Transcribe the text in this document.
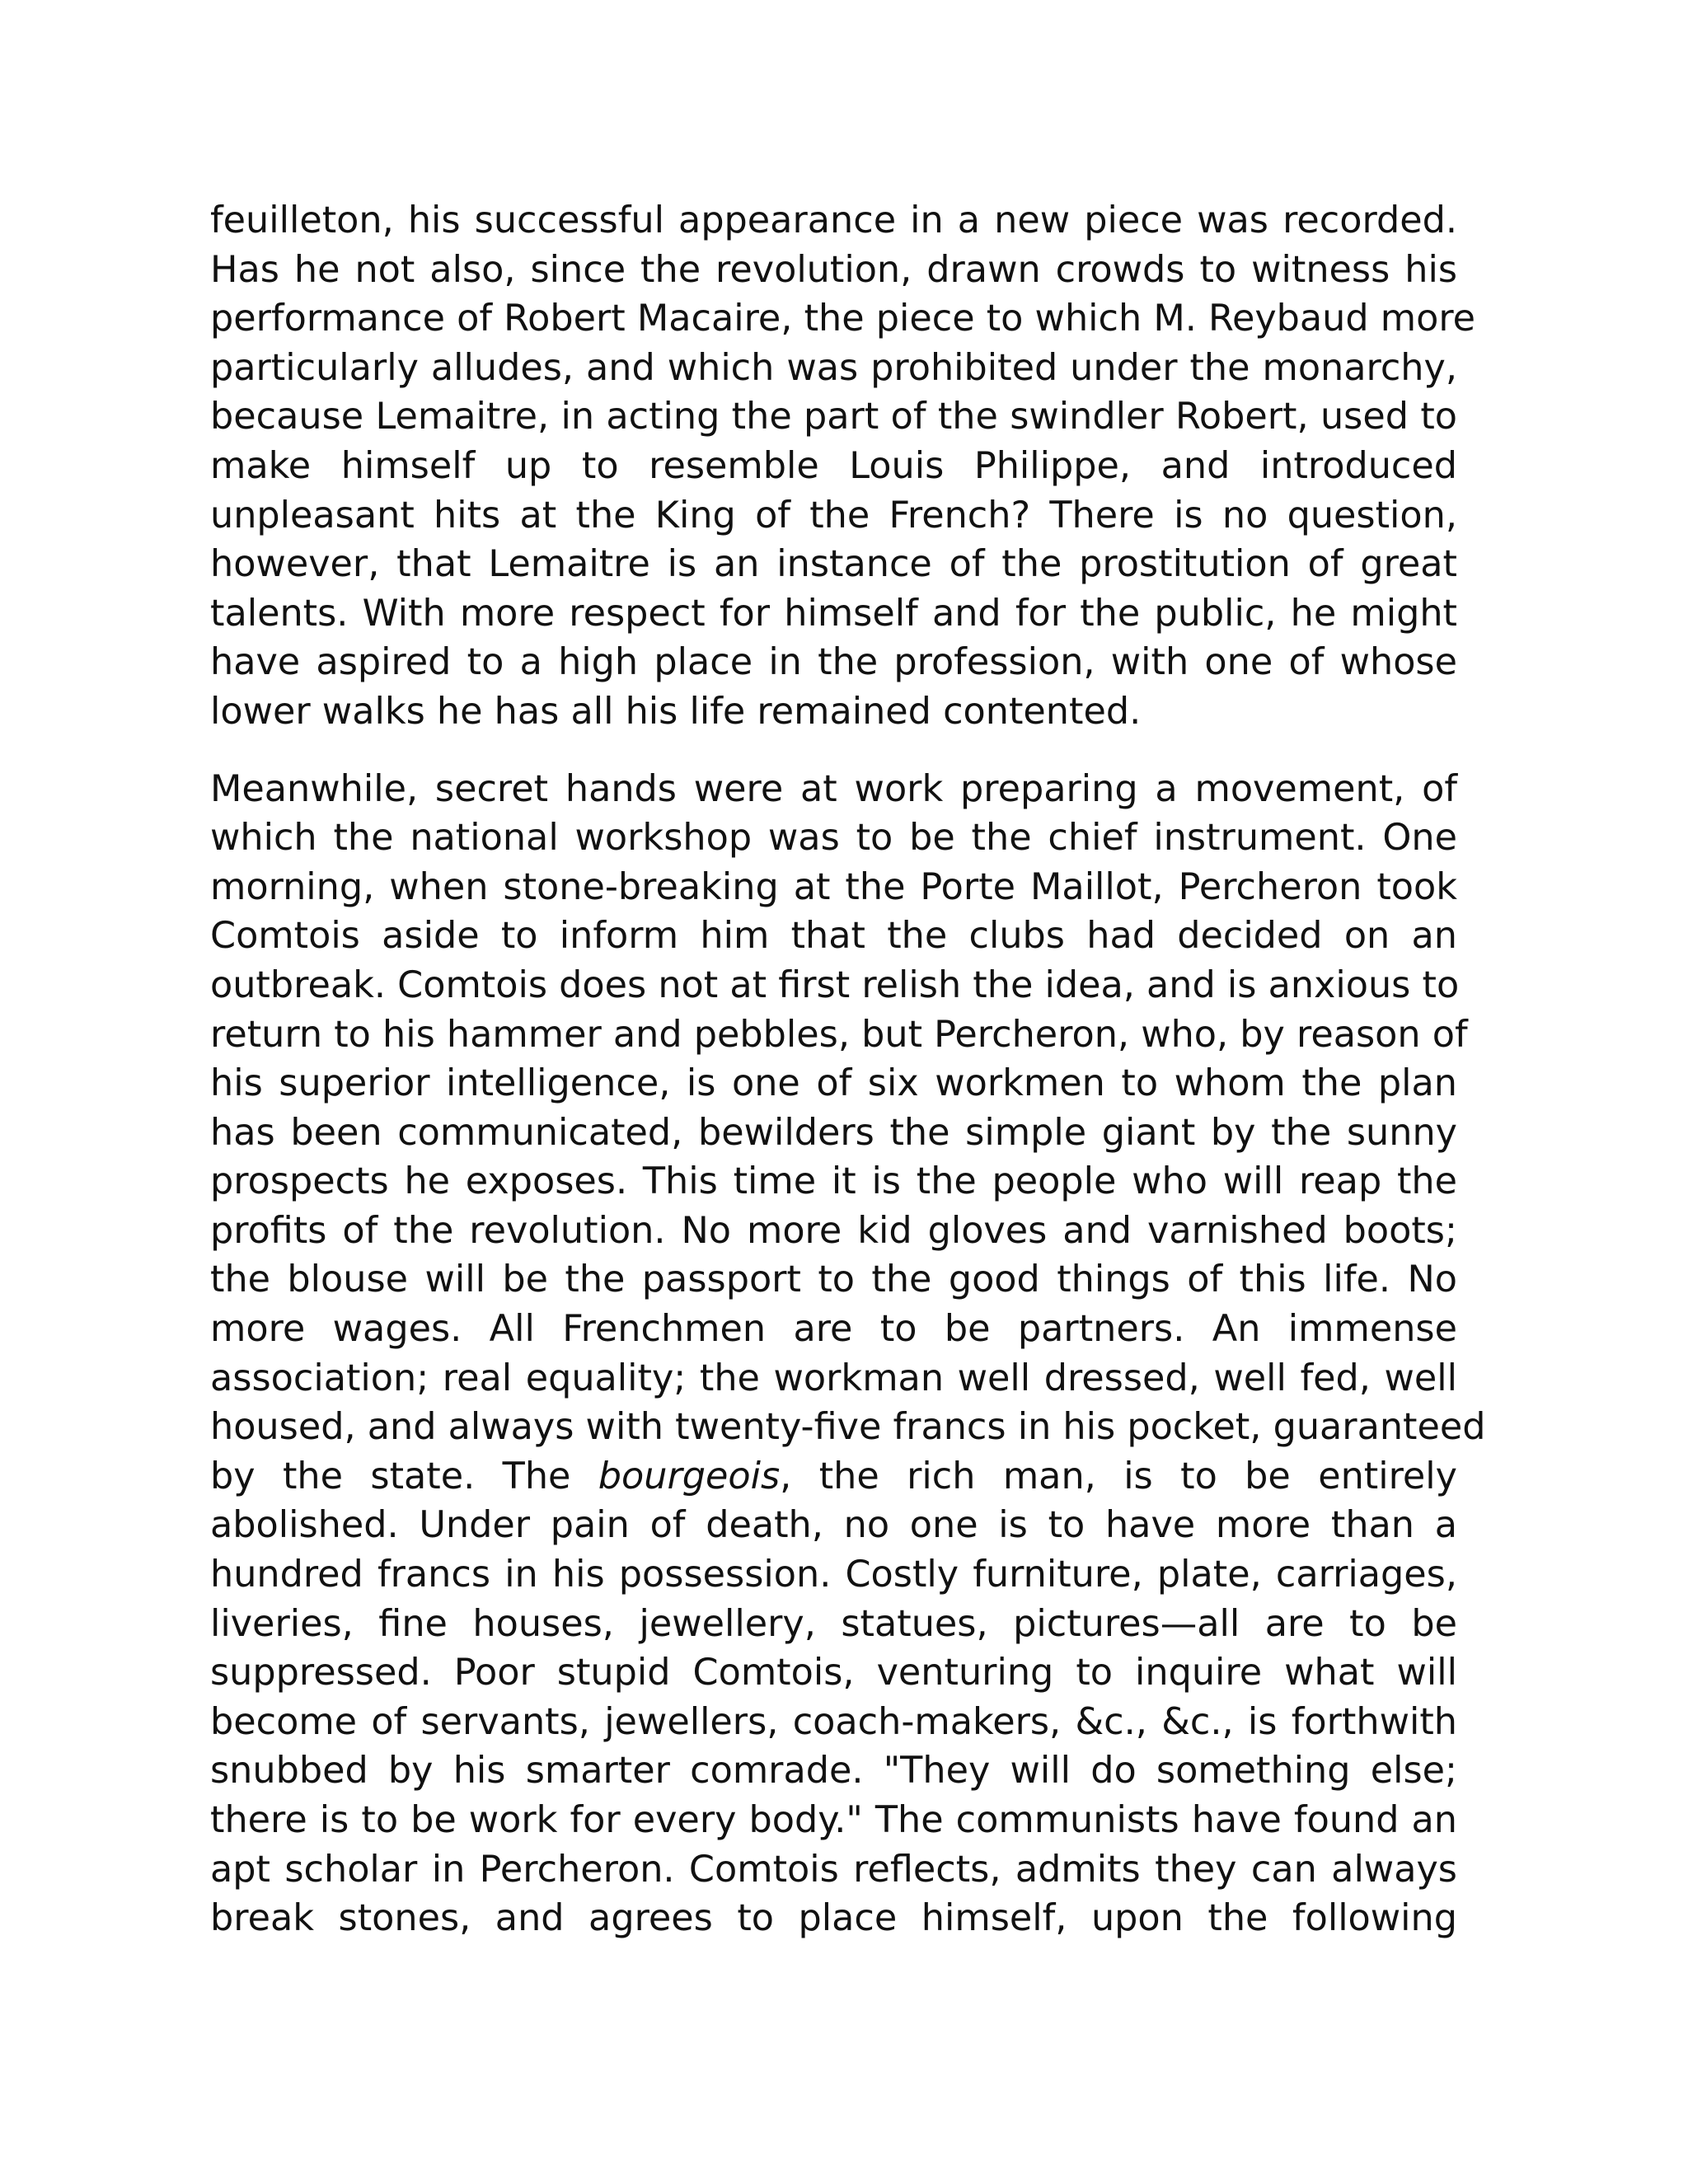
feuilleton, his successful appearance in a new piece was recorded.
Has he not also, since the revolution, drawn crowds to witness his
performance of Robert Macaire, the piece to which M. Reybaud more
particularly alludes, and which was prohibited under the monarchy,
because Lemaitre, in acting the part of the swindler Robert, used to
make himself up to resemble Louis Philippe, and introduced
unpleasant hits at the King of the French? There is no question,
however, that Lemaitre is an instance of the prostitution of great
talents. With more respect for himself and for the public, he might
have aspired to a high place in the profession, with one of whose
lower walks he has all his life remained contented.

Meanwhile, secret hands were at work preparing a movement, of
which the national workshop was to be the chief instrument. One
morning, when stone-breaking at the Porte Maillot, Percheron took
Comtois aside to inform him that the clubs had decided on an
outbreak. Comtois does not at first relish the idea, and is anxious to
return to his hammer and pebbles, but Percheron, who, by reason of
his superior intelligence, is one of six workmen to whom the plan
has been communicated, bewilders the simple giant by the sunny
prospects he exposes. This time it is the people who will reap the
profits of the revolution. No more kid gloves and varnished boots;
the blouse will be the passport to the good things of this life. No
more wages. All Frenchmen are to be partners. An immense
association; real equality; the workman well dressed, well fed, well
housed, and always with twenty-five francs in his pocket, guaranteed
by the state. The bourgeois, the rich man, is to be entirely
abolished. Under pain of death, no one is to have more than a
hundred francs in his possession. Costly furniture, plate, carriages,
liveries, fine houses, jewellery, statues, pictures—all are to be
suppressed. Poor stupid Comtois, venturing to inquire what will
become of servants, jewellers, coach-makers, &c., &c., is forthwith
snubbed by his smarter comrade. "They will do something else;
there is to be work for every body." The communists have found an
apt scholar in Percheron. Comtois reflects, admits they can always
break stones, and agrees to place himself, upon the following
